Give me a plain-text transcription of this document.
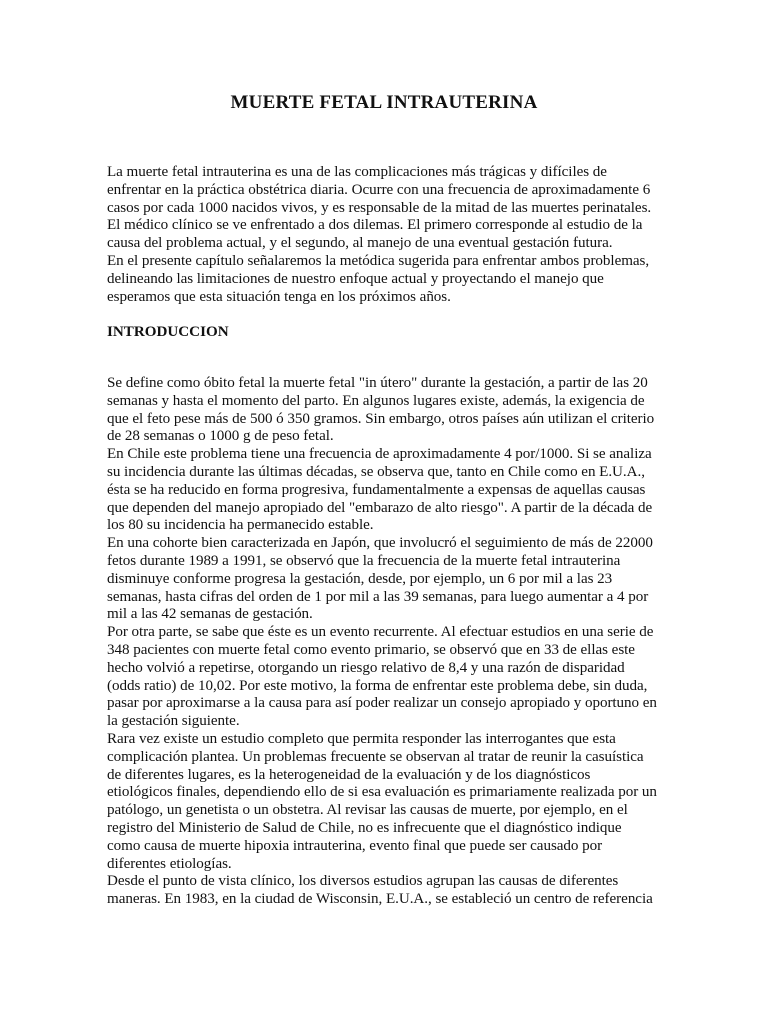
MUERTE FETAL INTRAUTERINA

La muerte fetal intrauterina es una de las complicaciones más trágicas y difíciles de
enfrentar en la práctica obstétrica diaria. Ocurre con una frecuencia de aproximadamente 6
casos por cada 1000 nacidos vivos, y es responsable de la mitad de las muertes perinatales.
El médico clínico se ve enfrentado a dos dilemas. El primero corresponde al estudio de la
causa del problema actual, y el segundo, al manejo de una eventual gestación futura.
En el presente capítulo señalaremos la metódica sugerida para enfrentar ambos problemas,
delineando las limitaciones de nuestro enfoque actual y proyectando el manejo que
esperamos que esta situación tenga en los próximos años.

INTRODUCCION

Se define como óbito fetal la muerte fetal "in útero" durante la gestación, a partir de las 20
semanas y hasta el momento del parto. En algunos lugares existe, además, la exigencia de
que el feto pese más de 500 ó 350 gramos. Sin embargo, otros países aún utilizan el criterio
de 28 semanas o 1000 g de peso fetal.
En Chile este problema tiene una frecuencia de aproximadamente 4 por/1000. Si se analiza
su incidencia durante las últimas décadas, se observa que, tanto en Chile como en E.U.A.,
ésta se ha reducido en forma progresiva, fundamentalmente a expensas de aquellas causas
que dependen del manejo apropiado del "embarazo de alto riesgo". A partir de la década de
los 80 su incidencia ha permanecido estable.
En una cohorte bien caracterizada en Japón, que involucró el seguimiento de más de 22000
fetos durante 1989 a 1991, se observó que la frecuencia de la muerte fetal intrauterina
disminuye conforme progresa la gestación, desde, por ejemplo, un 6 por mil a las 23
semanas, hasta cifras del orden de 1 por mil a las 39 semanas, para luego aumentar a 4 por
mil a las 42 semanas de gestación.
Por otra parte, se sabe que éste es un evento recurrente. Al efectuar estudios en una serie de
348 pacientes con muerte fetal como evento primario, se observó que en 33 de ellas este
hecho volvió a repetirse, otorgando un riesgo relativo de 8,4 y una razón de disparidad
(odds ratio) de 10,02. Por este motivo, la forma de enfrentar este problema debe, sin duda,
pasar por aproximarse a la causa para así poder realizar un consejo apropiado y oportuno en
la gestación siguiente.
Rara vez existe un estudio completo que permita responder las interrogantes que esta
complicación plantea. Un problemas frecuente se observan al tratar de reunir la casuística
de diferentes lugares, es la heterogeneidad de la evaluación y de los diagnósticos
etiológicos finales, dependiendo ello de si esa evaluación es primariamente realizada por un
patólogo, un genetista o un obstetra. Al revisar las causas de muerte, por ejemplo, en el
registro del Ministerio de Salud de Chile, no es infrecuente que el diagnóstico indique
como causa de muerte hipoxia intrauterina, evento final que puede ser causado por
diferentes etiologías.
Desde el punto de vista clínico, los diversos estudios agrupan las causas de diferentes
maneras. En 1983, en la ciudad de Wisconsin, E.U.A., se estableció un centro de referencia
